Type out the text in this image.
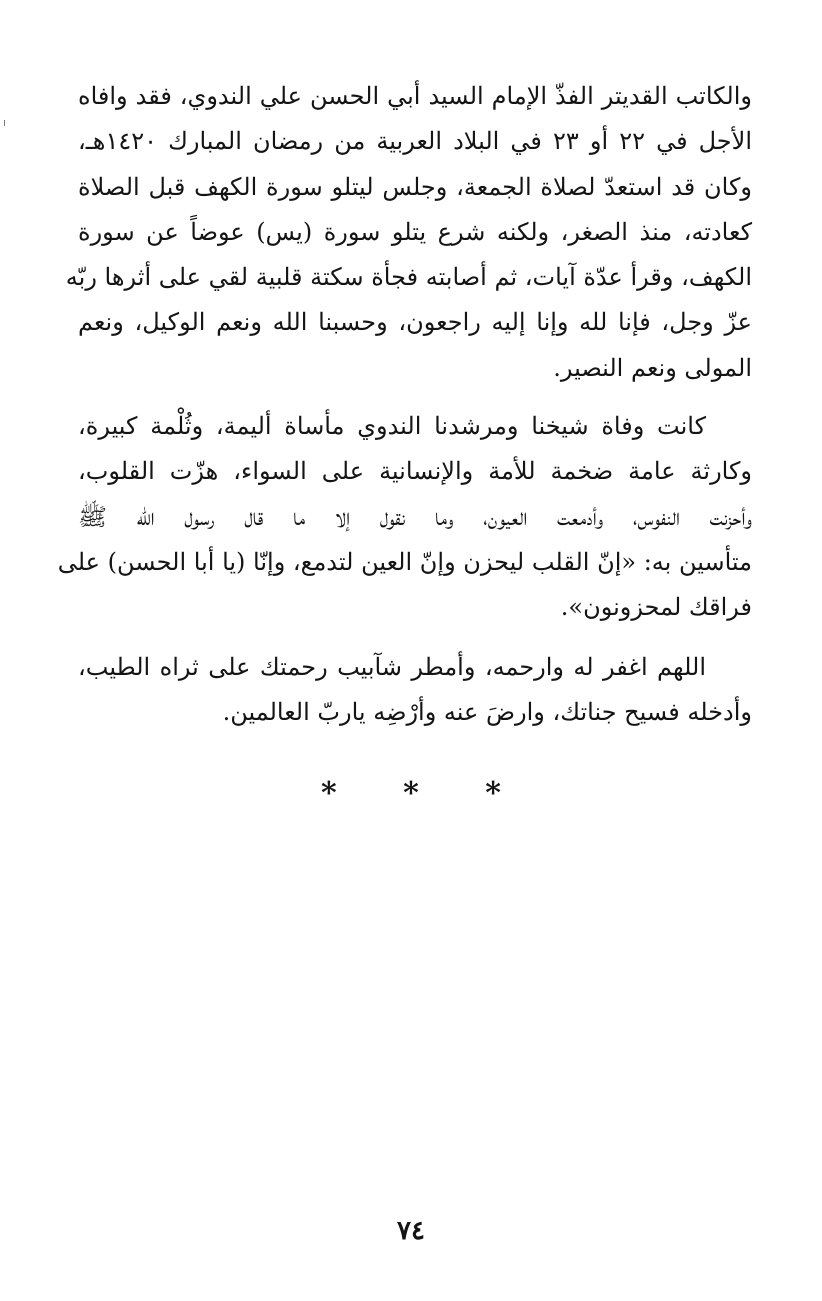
والكاتب القديتر الفذّ الإمام السيد أبي الحسن علي الندوي، فقد وافاه
الأجل في ٢٢ أو ٢٣ في البلاد العربية من رمضان المبارك ١٤٢٠هـ،
وكان قد استعدّ لصلاة الجمعة، وجلس ليتلو سورة الكهف قبل الصلاة
كعادته، منذ الصغر، ولكنه شرع يتلو سورة (يس) عوضاً عن سورة
الكهف، وقرأ عدّة آيات، ثم أصابته فجأة سكتة قلبية لقي على أثرها ربّه
عزّ وجل، فإنا لله وإنا إليه راجعون، وحسبنا الله ونعم الوكيل، ونعم
المولى ونعم النصير.
كانت وفاة شيخنا ومرشدنا الندوي مأساة أليمة، وثُلْمة كبيرة،
وكارثة عامة ضخمة للأمة والإنسانية على السواء، هزّت القلوب،
وأحزنت النفوس، وأدمعت العيون، وما نقول إلا ما قال رسول الله ﷺ
متأسين به: «إنّ القلب ليحزن وإنّ العين لتدمع، وإنّا (يا أبا الحسن) على
فراقك لمحزونون».
اللهم اغفر له وارحمه، وأمطر شآبيب رحمتك على ثراه الطيب،
وأدخله فسيح جناتك، وارضَ عنه وأرْضِه ياربّ العالمين.
* * *
٧٤
